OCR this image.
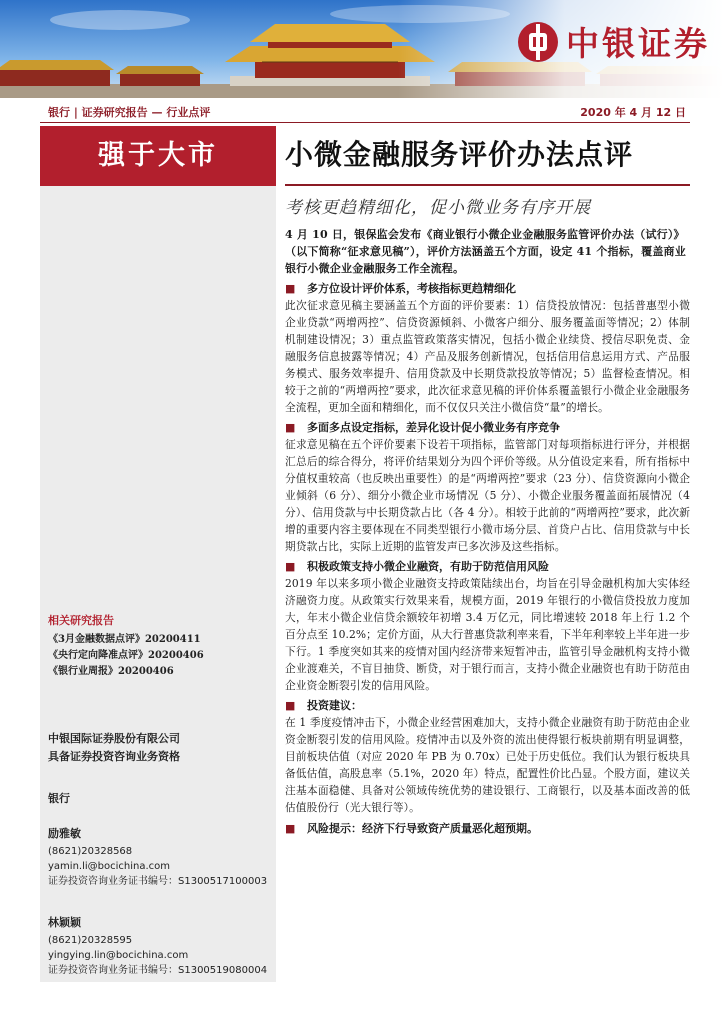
中银证券
银行 | 证券研究报告 — 行业点评	2020 年 4 月 12 日
强于大市
相关研究报告
《3月金融数据点评》20200411
《央行定向降准点评》20200406
《银行业周报》20200406
中银国际证券股份有限公司
具备证券投资咨询业务资格
银行
励雅敏
(8621)20328568
yamin.li@bocichina.com
证券投资咨询业务证书编号：S1300517100003
林颖颖
(8621)20328595
yingying.lin@bocichina.com
证券投资咨询业务证书编号：S1300519080004
小微金融服务评价办法点评
考核更趋精细化，促小微业务有序开展
4 月 10 日，银保监会发布《商业银行小微企业金融服务监管评价办法（试行）》（以下简称“征求意见稿”），评价方法涵盖五个方面，设定 41 个指标，覆盖商业银行小微企业金融服务工作全流程。
■	多方位设计评价体系，考核指标更趋精细化
此次征求意见稿主要涵盖五个方面的评价要素：1）信贷投放情况：包括普惠型小微企业贷款“两增两控”、信贷资源倾斜、小微客户细分、服务覆盖面等情况；2）体制机制建设情况；3）重点监管政策落实情况，包括小微企业续贷、授信尽职免责、金融服务信息披露等情况；4）产品及服务创新情况，包括信用信息运用方式、产品服务模式、服务效率提升、信用贷款及中长期贷款投放等情况；5）监督检查情况。相较于之前的“两增两控”要求，此次征求意见稿的评价体系覆盖银行小微企业金融服务全流程，更加全面和精细化，而不仅仅只关注小微信贷“量”的增长。
■	多面多点设定指标，差异化设计促小微业务有序竞争
征求意见稿在五个评价要素下设若干项指标，监管部门对每项指标进行评分，并根据汇总后的综合得分，将评价结果划分为四个评价等级。从分值设定来看，所有指标中分值权重较高（也反映出重要性）的是“两增两控”要求（23 分）、信贷资源向小微企业倾斜（6 分）、细分小微企业市场情况（5 分）、小微企业服务覆盖面拓展情况（4 分）、信用贷款与中长期贷款占比（各 4 分）。相较于此前的“两增两控”要求，此次新增的重要内容主要体现在不同类型银行小微市场分层、首贷户占比、信用贷款与中长期贷款占比，实际上近期的监管发声已多次涉及这些指标。
■	积极政策支持小微企业融资，有助于防范信用风险
2019 年以来多项小微企业融资支持政策陆续出台，均旨在引导金融机构加大实体经济融资力度。从政策实行效果来看，规模方面，2019 年银行的小微信贷投放力度加大，年末小微企业信贷余额较年初增 3.4 万亿元，同比增速较 2018 年上行 1.2 个百分点至 10.2%；定价方面，从大行普惠贷款利率来看，下半年利率较上半年进一步下行。1 季度突如其来的疫情对国内经济带来短暂冲击，监管引导金融机构支持小微企业渡难关，不盲目抽贷、断贷，对于银行而言，支持小微企业融资也有助于防范由企业资金断裂引发的信用风险。
■	投资建议：
在 1 季度疫情冲击下，小微企业经营困难加大，支持小微企业融资有助于防范由企业资金断裂引发的信用风险。疫情冲击以及外资的流出使得银行板块前期有明显调整，目前板块估值（对应 2020 年 PB 为 0.70x）已处于历史低位。我们认为银行板块具备低估值，高股息率（5.1%，2020 年）特点，配置性价比凸显。个股方面，建议关注基本面稳健、具备对公领域传统优势的建设银行、工商银行，以及基本面改善的低估值股份行（光大银行等）。
■	风险提示：经济下行导致资产质量恶化超预期。
